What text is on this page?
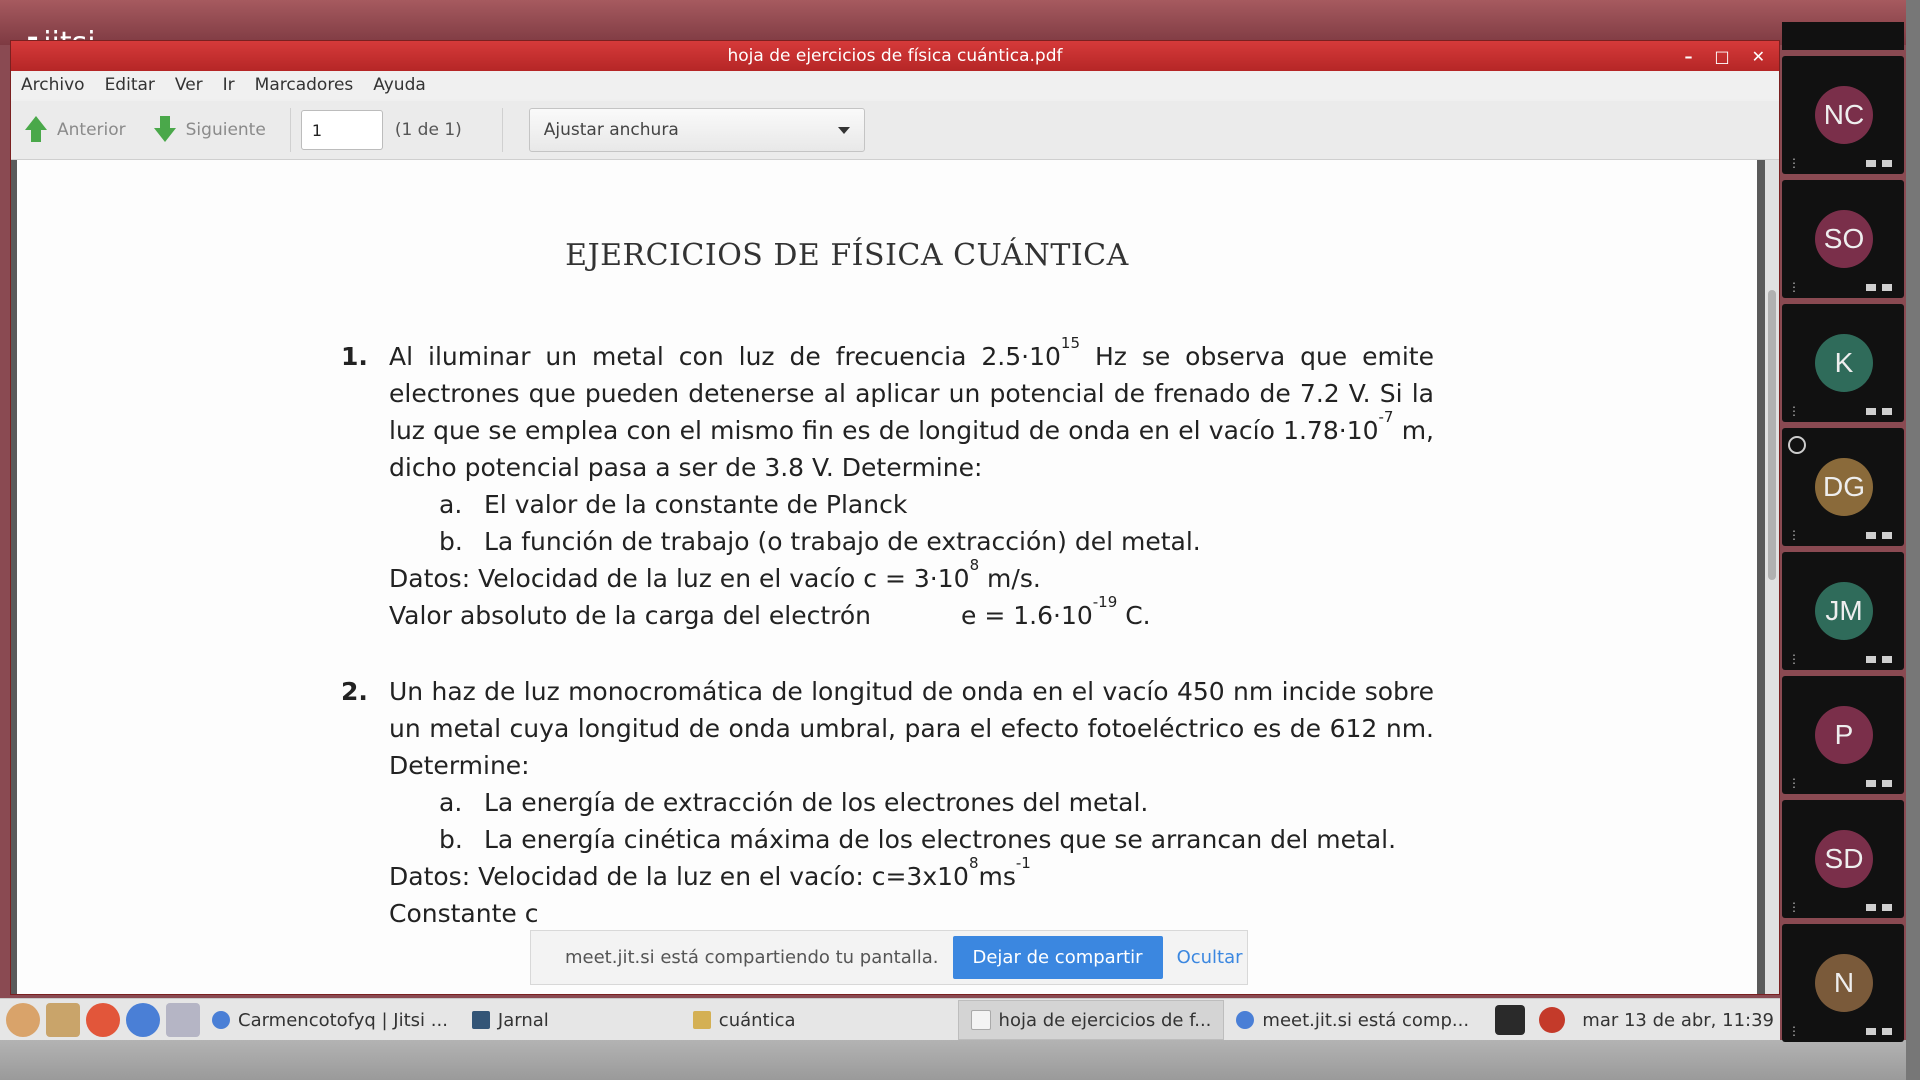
hoja de ejercicios de física cuántica.pdf	– □ ✕
Archivo	Editar	Ver	Ir	Marcadores	Ayuda
Anterior	Siguiente
1	(1 de 1)	Ajustar anchura
EJERCICIOS DE FÍSICA CUÁNTICA
1. Al iluminar un metal con luz de frecuencia $2.5\cdot 10^{15}$ Hz se observa que emite electrones que pueden detenerse al aplicar un potencial de frenado de 7.2 V. Si la luz que se emplea con el mismo fin es de longitud de onda en el vacío $1.78\cdot 10^{-7}$ m, dicho potencial pasa a ser de 3.8 V. Determine:
a. El valor de la constante de Planck
b. La función de trabajo (o trabajo de extracción) del metal.
Datos: Velocidad de la luz en el vacío $c = 3\cdot 10^8$ m/s.
Valor absoluto de la carga del electrón	$e = 1.6\cdot 10^{-19}$ C.
2. Un haz de luz monocromática de longitud de onda en el vacío 450 nm incide sobre un metal cuya longitud de onda umbral, para el efecto fotoeléctrico es de 612 nm. Determine:
a. La energía de extracción de los electrones del metal.
b. La energía cinética máxima de los electrones que se arrancan del metal.
Datos: Velocidad de la luz en el vacío: $c=3x10^8ms^{-1}$
Constante c
meet.jit.si está compartiendo tu pantalla.	Dejar de compartir	Ocultar
Carmencotofyq | Jitsi ...	Jarnal	cuántica	hoja de ejercicios de f...	meet.jit.si está comp...	mar 13 de abr, 11:39
NC
⋮
SO
⋮
K
⋮
DG
⋮
JM
⋮
P
⋮
SD
⋮
N
⋮
